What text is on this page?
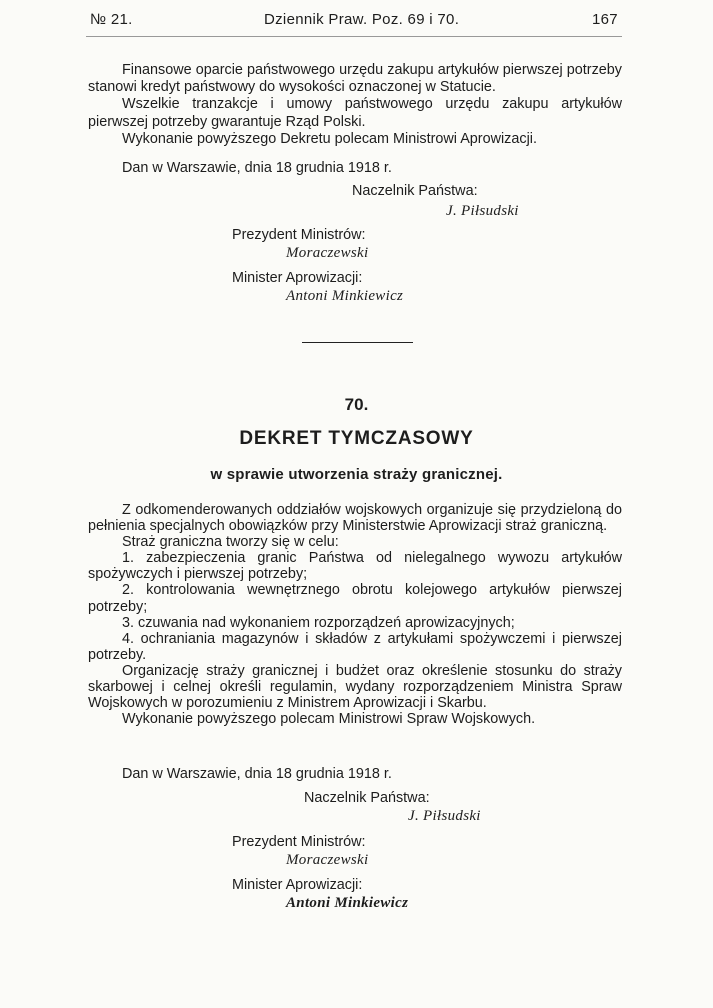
№ 21.	Dziennik Praw. Poz. 69 i 70.	167

Finansowe oparcie państwowego urzędu zakupu artykułów pierwszej potrzeby stanowi kredyt państwowy do wysokości oznaczonej w Statucie.

Wszelkie tranzakcje i umowy państwowego urzędu zakupu artykułów pierwszej potrzeby gwarantuje Rząd Polski.

Wykonanie powyższego Dekretu polecam Ministrowi Aprowizacji.

Dan w Warszawie, dnia 18 grudnia 1918 r.
Naczelnik Państwa:
J. Piłsudski
Prezydent Ministrów:
Moraczewski
Minister Aprowizacji:
Antoni Minkiewicz
70.
DEKRET TYMCZASOWY
w sprawie utworzenia straży granicznej.

Z odkomenderowanych oddziałów wojskowych organizuje się przydzieloną do pełnienia specjalnych obowiązków przy Ministerstwie Aprowizacji straż graniczną.

Straż graniczna tworzy się w celu:

1. zabezpieczenia granic Państwa od nielegalnego wywozu artykułów spożywczych i pierwszej potrzeby;

2. kontrolowania wewnętrznego obrotu kolejowego artykułów pierwszej potrzeby;

3. czuwania nad wykonaniem rozporządzeń aprowizacyjnych;

4. ochraniania magazynów i składów z artykułami spożywczemi i pierwszej potrzeby.

Organizację straży granicznej i budżet oraz określenie stosunku do straży skarbowej i celnej określi regulamin, wydany rozporządzeniem Ministra Spraw Wojskowych w porozumieniu z Ministrem Aprowizacji i Skarbu.

Wykonanie powyższego polecam Ministrowi Spraw Wojskowych.

Dan w Warszawie, dnia 18 grudnia 1918 r.
Naczelnik Państwa:
J. Piłsudski
Prezydent Ministrów:
Moraczewski
Minister Aprowizacji:
Antoni Minkiewicz
